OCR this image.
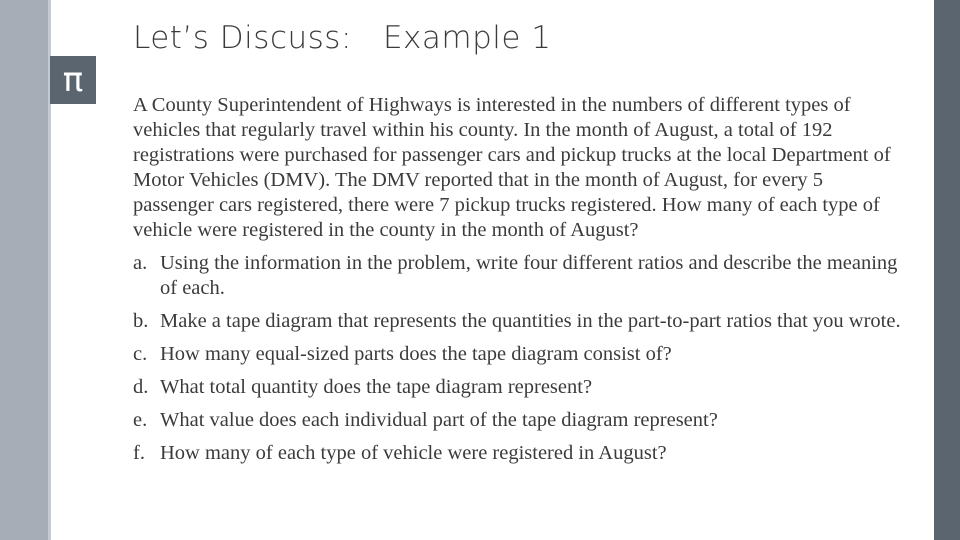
π
Let’s Discuss:   Example 1

A County Superintendent of Highways is interested in the numbers of different types of vehicles that regularly travel within his county. In the month of August, a total of 192 registrations were purchased for passenger cars and pickup trucks at the local Department of Motor Vehicles (DMV). The DMV reported that in the month of August, for every 5 passenger cars registered, there were 7 pickup trucks registered. How many of each type of vehicle were registered in the county in the month of August?

a. Using the information in the problem, write four different ratios and describe the meaning of each.
b. Make a tape diagram that represents the quantities in the part-to-part ratios that you wrote.
c. How many equal-sized parts does the tape diagram consist of?
d. What total quantity does the tape diagram represent?
e. What value does each individual part of the tape diagram represent?
f. How many of each type of vehicle were registered in August?
